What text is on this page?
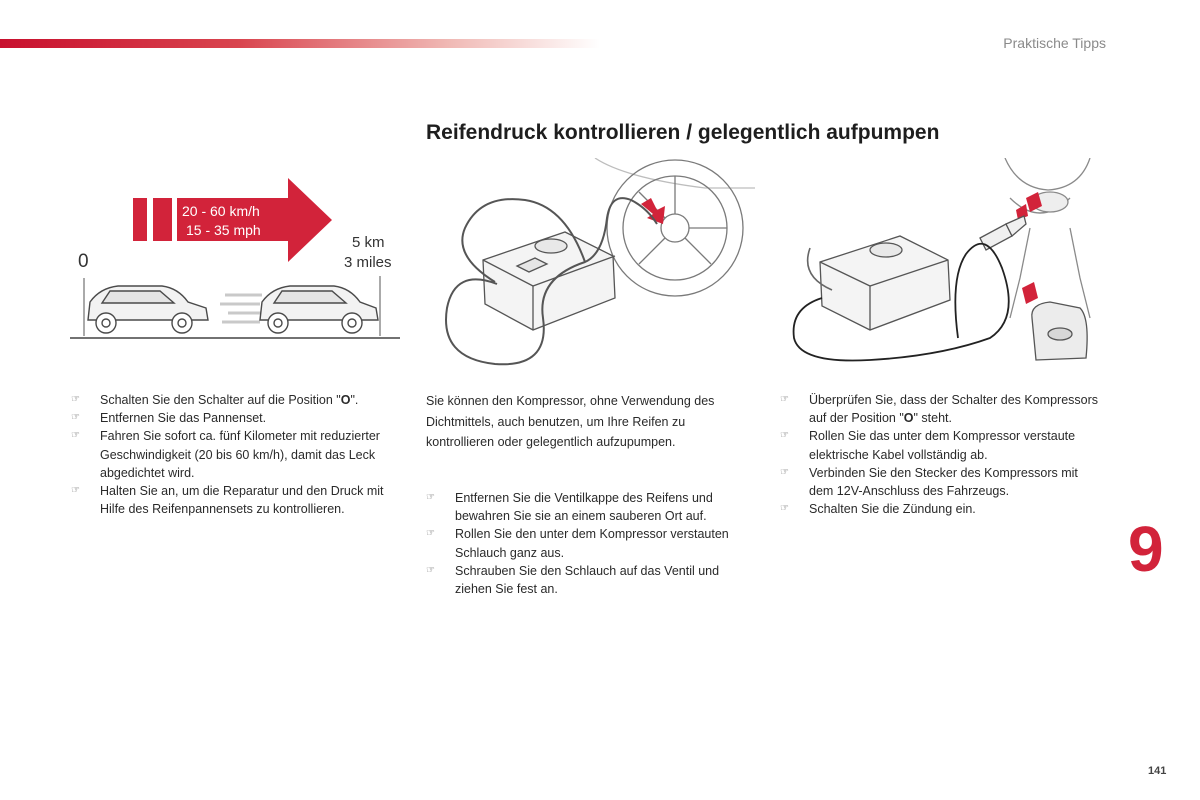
Praktische Tipps
Reifendruck kontrollieren / gelegentlich aufpumpen
20 - 60 km/h
15 - 35 mph
0
5 km
3 miles
☞ Schalten Sie den Schalter auf die Position "O".
☞ Entfernen Sie das Pannenset.
☞ Fahren Sie sofort ca. fünf Kilometer mit reduzierter Geschwindigkeit (20 bis 60 km/h), damit das Leck abgedichtet wird.
☞ Halten Sie an, um die Reparatur und den Druck mit Hilfe des Reifenpannensets zu kontrollieren.

Sie können den Kompressor, ohne Verwendung des Dichtmittels, auch benutzen, um Ihre Reifen zu kontrollieren oder gelegentlich aufzupumpen.

☞ Entfernen Sie die Ventilkappe des Reifens und bewahren Sie sie an einem sauberen Ort auf.
☞ Rollen Sie den unter dem Kompressor verstauten Schlauch ganz aus.
☞ Schrauben Sie den Schlauch auf das Ventil und ziehen Sie fest an.
☞ Überprüfen Sie, dass der Schalter des Kompressors auf der Position "O" steht.
☞ Rollen Sie das unter dem Kompressor verstaute elektrische Kabel vollständig ab.
☞ Verbinden Sie den Stecker des Kompressors mit dem 12V-Anschluss des Fahrzeugs.
☞ Schalten Sie die Zündung ein.
9
141
